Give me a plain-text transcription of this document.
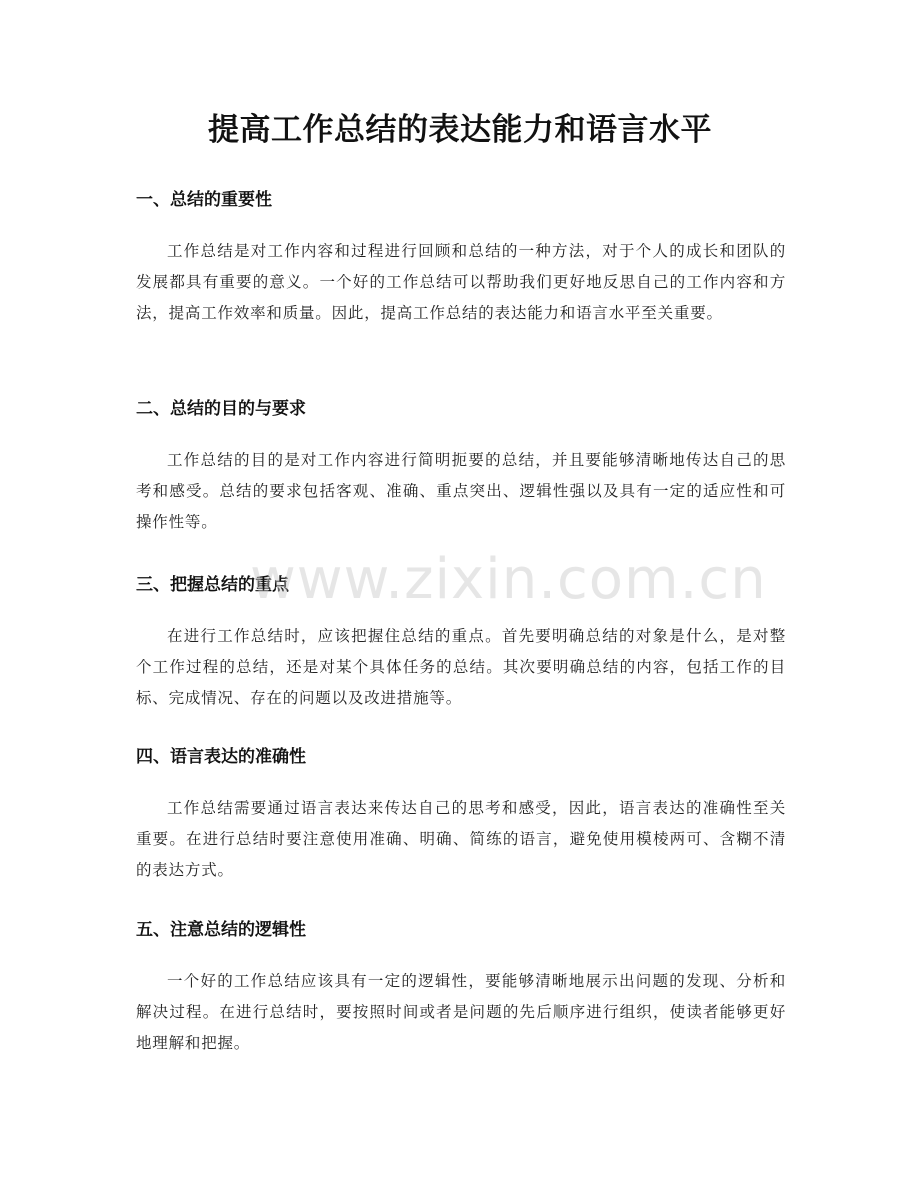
提高工作总结的表达能力和语言水平
一、总结的重要性

工作总结是对工作内容和过程进行回顾和总结的一种方法，对于个人的成长和团队的发展都具有重要的意义。一个好的工作总结可以帮助我们更好地反思自己的工作内容和方法，提高工作效率和质量。因此，提高工作总结的表达能力和语言水平至关重要。

二、总结的目的与要求

工作总结的目的是对工作内容进行简明扼要的总结，并且要能够清晰地传达自己的思考和感受。总结的要求包括客观、准确、重点突出、逻辑性强以及具有一定的适应性和可操作性等。

三、把握总结的重点

在进行工作总结时，应该把握住总结的重点。首先要明确总结的对象是什么，是对整个工作过程的总结，还是对某个具体任务的总结。其次要明确总结的内容，包括工作的目标、完成情况、存在的问题以及改进措施等。

四、语言表达的准确性

工作总结需要通过语言表达来传达自己的思考和感受，因此，语言表达的准确性至关重要。在进行总结时要注意使用准确、明确、简练的语言，避免使用模棱两可、含糊不清的表达方式。

五、注意总结的逻辑性

一个好的工作总结应该具有一定的逻辑性，要能够清晰地展示出问题的发现、分析和解决过程。在进行总结时，要按照时间或者是问题的先后顺序进行组织，使读者能够更好地理解和把握。

www.zixin.com.cn
